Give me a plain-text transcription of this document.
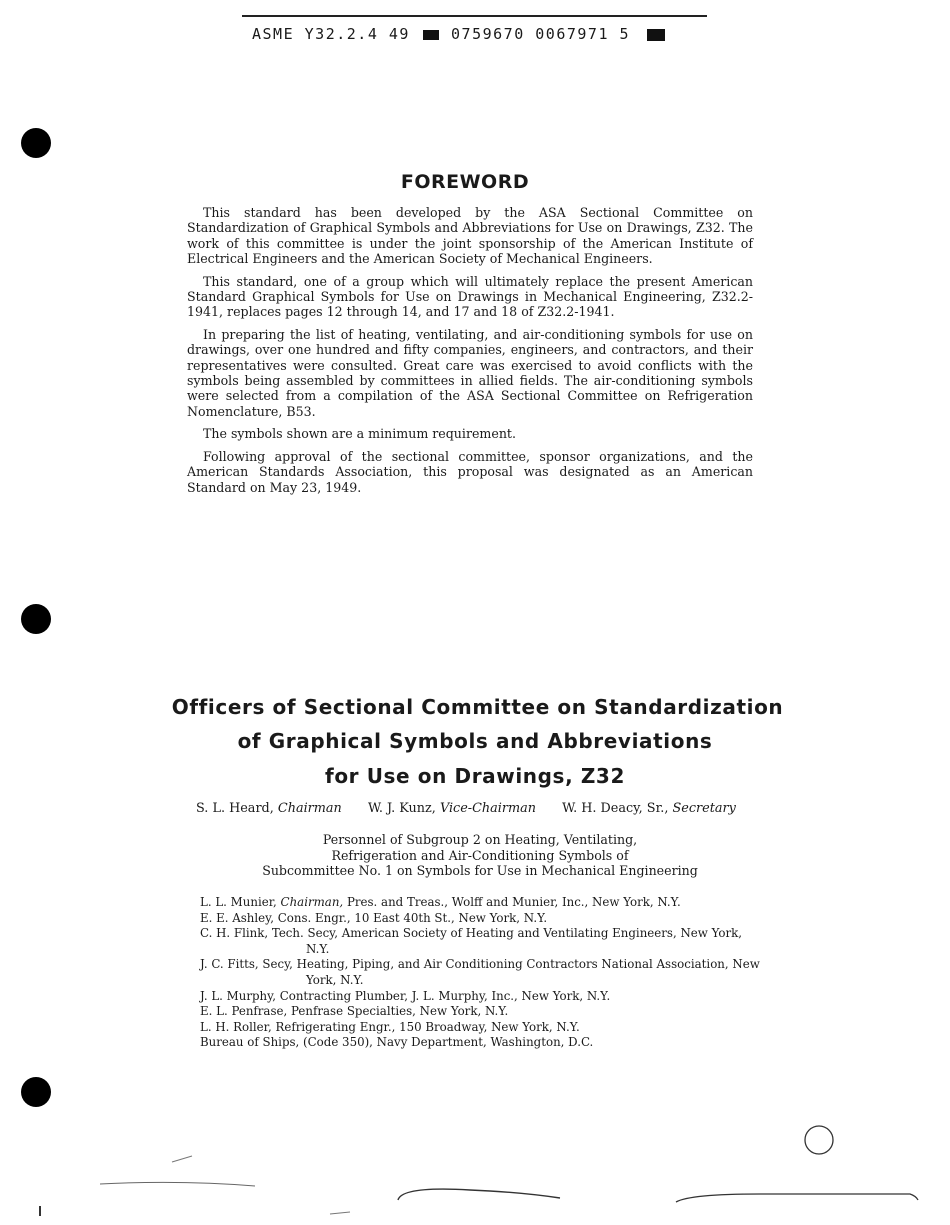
ASME Y32.2.4 49	0759670 0067971 5
FOREWORD

This standard has been developed by the ASA Sectional Committee on Standardization of Graphical Symbols and Abbreviations for Use on Drawings, Z32. The work of this committee is under the joint sponsorship of the American Institute of Electrical Engineers and the American Society of Mechanical Engineers.

This standard, one of a group which will ultimately replace the present American Standard Graphical Symbols for Use on Drawings in Mechanical Engineering, Z32.2-1941, replaces pages 12 through 14, and 17 and 18 of Z32.2-1941.

In preparing the list of heating, ventilating, and air-conditioning symbols for use on drawings, over one hundred and fifty companies, engineers, and contractors, and their representatives were consulted. Great care was exercised to avoid conflicts with the symbols being assembled by committees in allied fields. The air-conditioning symbols were selected from a compilation of the ASA Sectional Committee on Refrigeration Nomenclature, B53.

The symbols shown are a minimum requirement.

Following approval of the sectional committee, sponsor organizations, and the American Standards Association, this proposal was designated as an American Standard on May 23, 1949.

Officers of Sectional Committee on Standardization
of Graphical Symbols and Abbreviations
for Use on Drawings, Z32
S. L. Heard, Chairman W. J. Kunz, Vice-Chairman W. H. Deacy, Sr., Secretary
Personnel of Subgroup 2 on Heating, Ventilating,
Refrigeration and Air-Conditioning Symbols of
Subcommittee No. 1 on Symbols for Use in Mechanical Engineering
L. L. Munier, Chairman, Pres. and Treas., Wolff and Munier, Inc., New York, N.Y.
E. E. Ashley, Cons. Engr., 10 East 40th St., New York, N.Y.
C. H. Flink, Tech. Secy, American Society of Heating and Ventilating Engineers, New York, N.Y.
J. C. Fitts, Secy, Heating, Piping, and Air Conditioning Contractors National Association, New York, N.Y.
J. L. Murphy, Contracting Plumber, J. L. Murphy, Inc., New York, N.Y.
E. L. Penfrase, Penfrase Specialties, New York, N.Y.
L. H. Roller, Refrigerating Engr., 150 Broadway, New York, N.Y.
Bureau of Ships, (Code 350), Navy Department, Washington, D.C.
